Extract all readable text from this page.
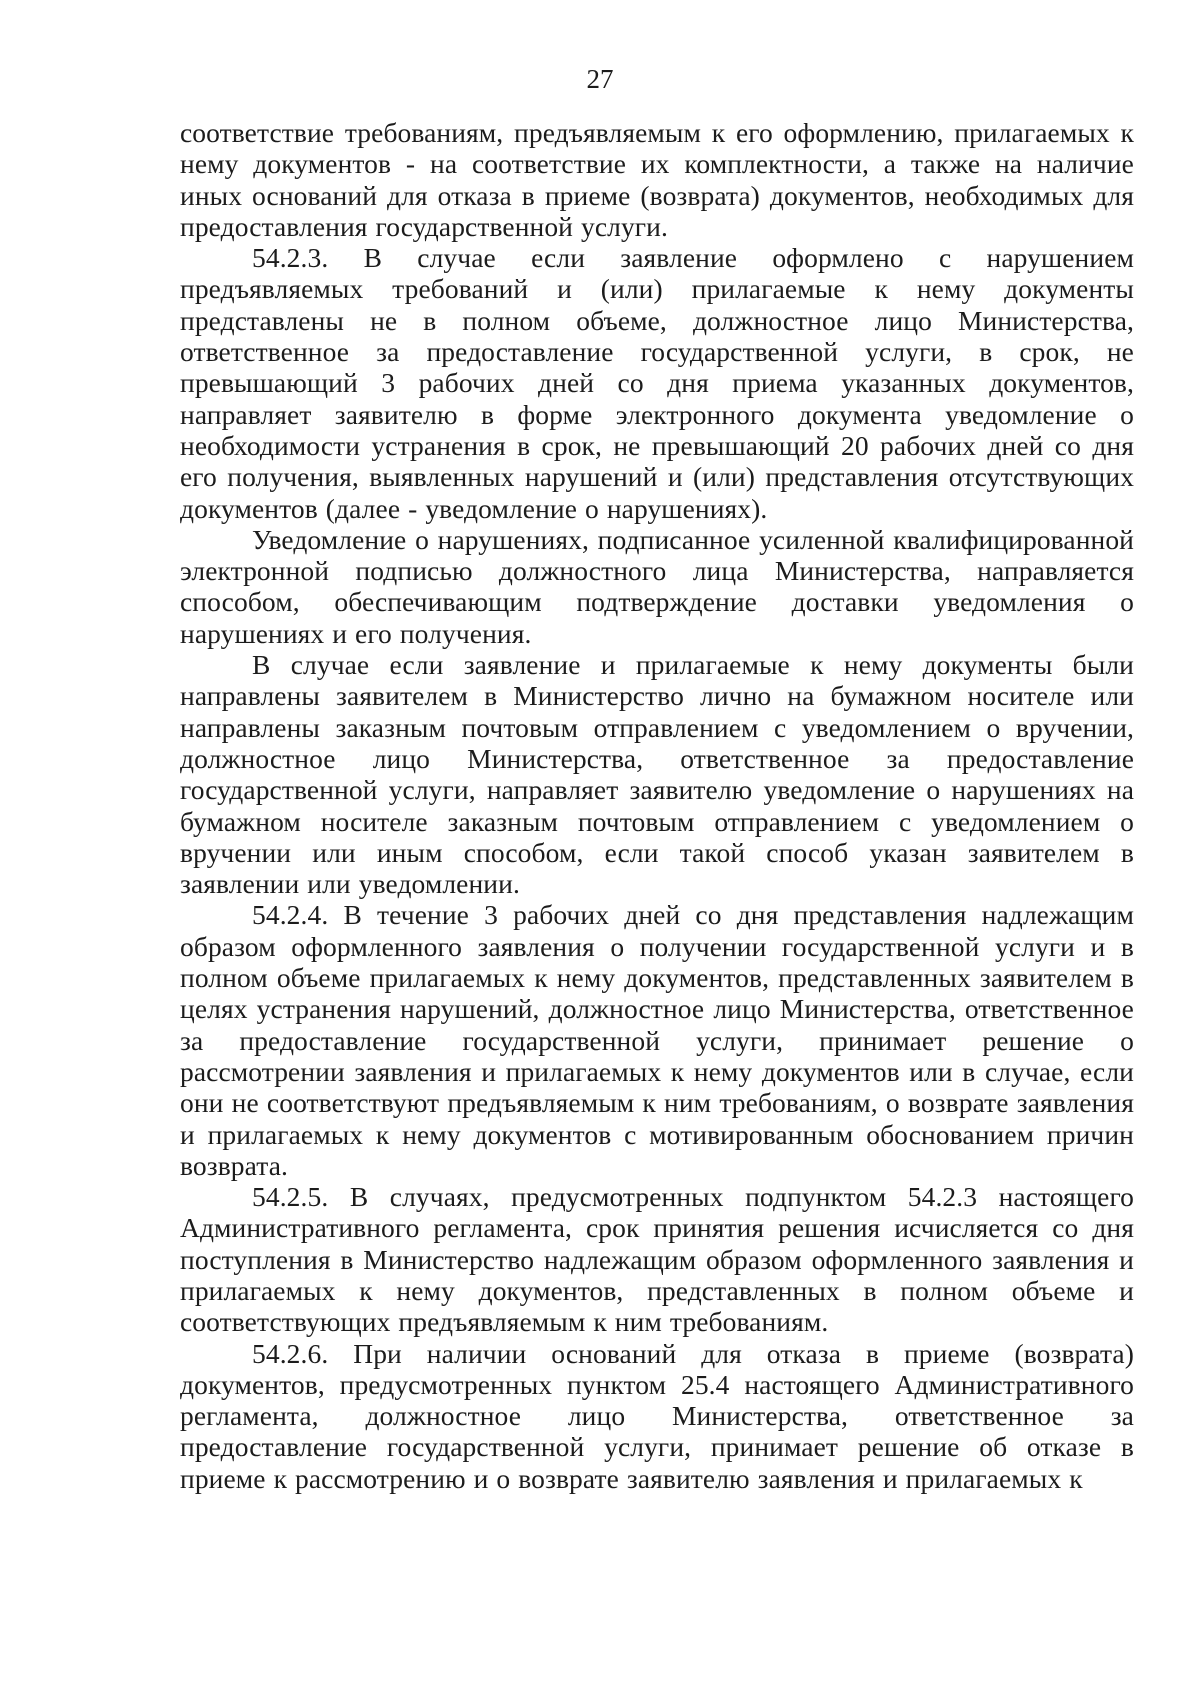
27

соответствие требованиям, предъявляемым к его оформлению, прилагаемых к нему документов - на соответствие их комплектности, а также на наличие иных оснований для отказа в приеме (возврата) документов, необходимых для предоставления государственной услуги.

54.2.3. В случае если заявление оформлено с нарушением предъявляемых требований и (или) прилагаемые к нему документы представлены не в полном объеме, должностное лицо Министерства, ответственное за предоставление государственной услуги, в срок, не превышающий 3 рабочих дней со дня приема указанных документов, направляет заявителю в форме электронного документа уведомление о необходимости устранения в срок, не превышающий 20 рабочих дней со дня его получения, выявленных нарушений и (или) представления отсутствующих документов (далее - уведомление о нарушениях).

Уведомление о нарушениях, подписанное усиленной квалифицированной электронной подписью должностного лица Министерства, направляется способом, обеспечивающим подтверждение доставки уведомления о нарушениях и его получения.

В случае если заявление и прилагаемые к нему документы были направлены заявителем в Министерство лично на бумажном носителе или направлены заказным почтовым отправлением с уведомлением о вручении, должностное лицо Министерства, ответственное за предоставление государственной услуги, направляет заявителю уведомление о нарушениях на бумажном носителе заказным почтовым отправлением с уведомлением о вручении или иным способом, если такой способ указан заявителем в заявлении или уведомлении.

54.2.4. В течение 3 рабочих дней со дня представления надлежащим образом оформленного заявления о получении государственной услуги и в полном объеме прилагаемых к нему документов, представленных заявителем в целях устранения нарушений, должностное лицо Министерства, ответственное за предоставление государственной услуги, принимает решение о рассмотрении заявления и прилагаемых к нему документов или в случае, если они не соответствуют предъявляемым к ним требованиям, о возврате заявления и прилагаемых к нему документов с мотивированным обоснованием причин возврата.

54.2.5. В случаях, предусмотренных подпунктом 54.2.3 настоящего Административного регламента, срок принятия решения исчисляется со дня поступления в Министерство надлежащим образом оформленного заявления и прилагаемых к нему документов, представленных в полном объеме и соответствующих предъявляемым к ним требованиям.

54.2.6. При наличии оснований для отказа в приеме (возврата) документов, предусмотренных пунктом 25.4 настоящего Административного регламента, должностное лицо Министерства, ответственное за предоставление государственной услуги, принимает решение об отказе в приеме к рассмотрению и о возврате заявителю заявления и прилагаемых к
